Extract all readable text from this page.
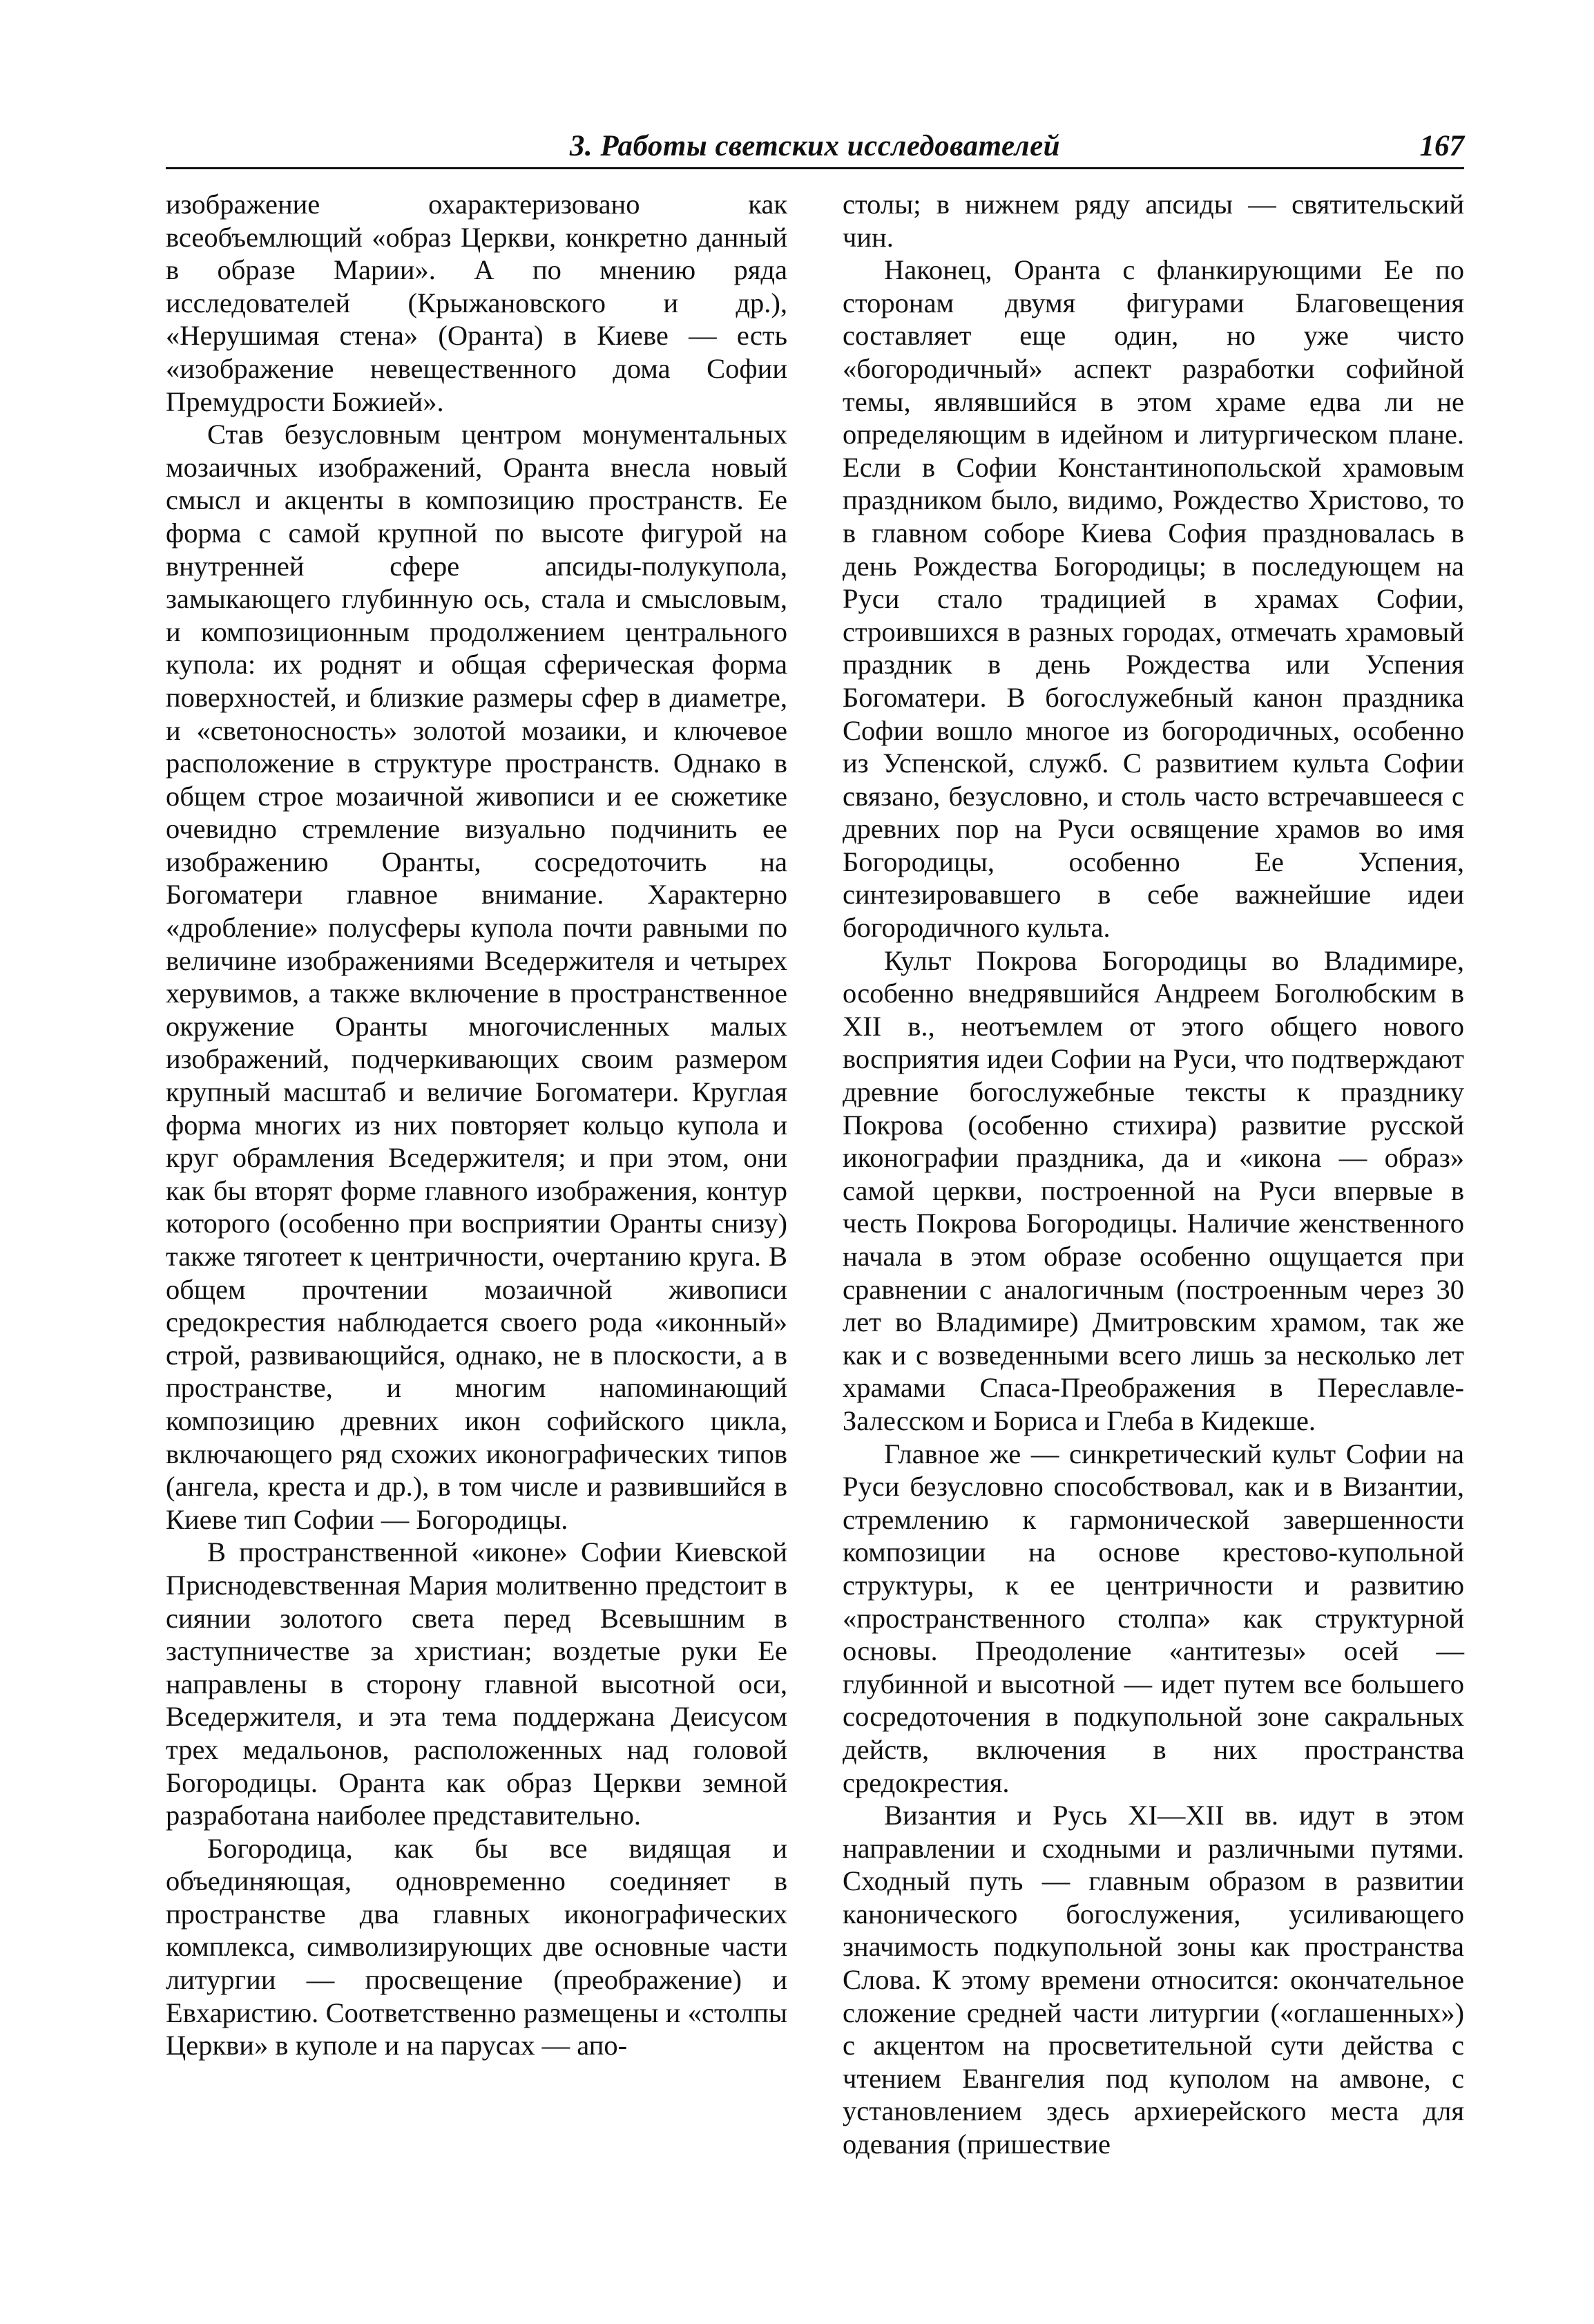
3. Работы светских исследователей	167

изображение охарактеризовано как всеобъемлющий «образ Церкви, конкретно данный в образе Марии». А по мнению ряда исследователей (Крыжановского и др.), «Нерушимая стена» (Оранта) в Киеве — есть «изображение невещественного дома Софии Премудрости Божией».

Став безусловным центром монументальных мозаичных изображений, Оранта внесла новый смысл и акценты в композицию пространств. Ее форма с самой крупной по высоте фигурой на внутренней сфере апсиды-полукупола, замыкающего глубинную ось, стала и смысловым, и композиционным продолжением центрального купола: их роднят и общая сферическая форма поверхностей, и близкие размеры сфер в диаметре, и «светоносность» золотой мозаики, и ключевое расположение в структуре пространств. Однако в общем строе мозаичной живописи и ее сюжетике очевидно стремление визуально подчинить ее изображению Оранты, сосредоточить на Богоматери главное внимание. Характерно «дробление» полусферы купола почти равными по величине изображениями Вседержителя и четырех херувимов, а также включение в пространственное окружение Оранты многочисленных малых изображений, подчеркивающих своим размером крупный масштаб и величие Богоматери. Круглая форма многих из них повторяет кольцо купола и круг обрамления Вседержителя; и при этом, они как бы вторят форме главного изображения, контур которого (особенно при восприятии Оранты снизу) также тяготеет к центричности, очертанию круга. В общем прочтении мозаичной живописи средокрестия наблюдается своего рода «иконный» строй, развивающийся, однако, не в плоскости, а в пространстве, и многим напоминающий композицию древних икон софийского цикла, включающего ряд схожих иконографических типов (ангела, креста и др.), в том числе и развившийся в Киеве тип Софии — Богородицы.

В пространственной «иконе» Софии Киевской Приснодевственная Мария молитвенно предстоит в сиянии золотого света перед Всевышним в заступничестве за христиан; воздетые руки Ее направлены в сторону главной высотной оси, Вседержителя, и эта тема поддержана Деисусом трех медальонов, расположенных над головой Богородицы. Оранта как образ Церкви земной разработана наиболее представительно.

Богородица, как бы все видящая и объединяющая, одновременно соединяет в пространстве два главных иконографических комплекса, символизирующих две основные части литургии — просвещение (преображение) и Евхаристию. Соответственно размещены и «столпы Церкви» в куполе и на парусах — апо-

столы; в нижнем ряду апсиды — святительский чин.

Наконец, Оранта с фланкирующими Ее по сторонам двумя фигурами Благовещения составляет еще один, но уже чисто «богородичный» аспект разработки софийной темы, являвшийся в этом храме едва ли не определяющим в идейном и литургическом плане. Если в Софии Константинопольской храмовым праздником было, видимо, Рождество Христово, то в главном соборе Киева София праздновалась в день Рождества Богородицы; в последующем на Руси стало традицией в храмах Софии, строившихся в разных городах, отмечать храмовый праздник в день Рождества или Успения Богоматери. В богослужебный канон праздника Софии вошло многое из богородичных, особенно из Успенской, служб. С развитием культа Софии связано, безусловно, и столь часто встречавшееся с древних пор на Руси освящение храмов во имя Богородицы, особенно Ее Успения, синтезировавшего в себе важнейшие идеи богородичного культа.

Культ Покрова Богородицы во Владимире, особенно внедрявшийся Андреем Боголюбским в XII в., неотъемлем от этого общего нового восприятия идеи Софии на Руси, что подтверждают древние богослужебные тексты к празднику Покрова (особенно стихира) развитие русской иконографии праздника, да и «икона — образ» самой церкви, построенной на Руси впервые в честь Покрова Богородицы. Наличие женственного начала в этом образе особенно ощущается при сравнении с аналогичным (построенным через 30 лет во Владимире) Дмитровским храмом, так же как и с возведенными всего лишь за несколько лет храмами Спаса-Преображения в Переславле-Залесском и Бориса и Глеба в Кидекше.

Главное же — синкретический культ Софии на Руси безусловно способствовал, как и в Византии, стремлению к гармонической завершенности композиции на основе крестово-купольной структуры, к ее центричности и развитию «пространственного столпа» как структурной основы. Преодоление «антитезы» осей — глубинной и высотной — идет путем все большего сосредоточения в подкупольной зоне сакральных действ, включения в них пространства средокрестия.

Византия и Русь XI—XII вв. идут в этом направлении и сходными и различными путями. Сходный путь — главным образом в развитии канонического богослужения, усиливающего значимость подкупольной зоны как пространства Слова. К этому времени относится: окончательное сложение средней части литургии («оглашенных») с акцентом на просветительной сути действа с чтением Евангелия под куполом на амвоне, с установлением здесь архиерейского места для одевания (пришествие
